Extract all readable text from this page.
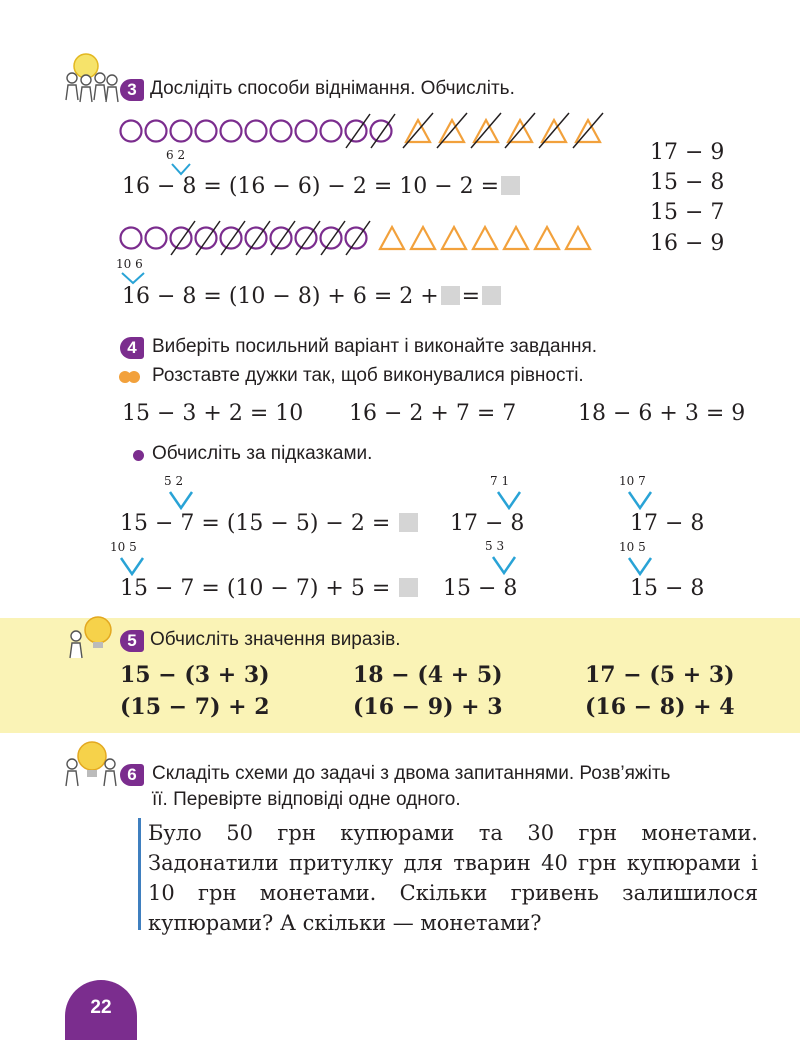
3 Дослідіть способи віднімання. Обчисліть.
6 2
16 − 8 = (16 − 6) − 2 = 10 − 2 =
17 − 9
15 − 8
15 − 7
16 − 9
10 6
16 − 8 = (10 − 8) + 6 = 2 + =
4 Виберіть посильний варіант і виконайте завдання.
Розставте дужки так, щоб виконувалися рівності.
15 − 3 + 2 = 10 16 − 2 + 7 = 7	18 − 6 + 3 = 9
Обчисліть за підказками.
5 2
15 − 7 = (15 − 5) − 2 =
7 1
17 − 8
10 7
17 − 8
10 5
15 − 7 = (10 − 7) + 5 =
5 3
15 − 8
10 5
15 − 8
5 Обчисліть значення виразів.
15 − (3 + 3)	18 − (4 + 5)	17 − (5 + 3)
(15 − 7) + 2	(16 − 9) + 3	(16 − 8) + 4
6 Складіть схеми до задачі з двома запитаннями. Розв’яжіть
її. Перевірте відповіді одне одного.
Було 50 грн купюрами та 30 грн монетами. Задонатили притулку для тварин 40 грн купюрами і 10 грн монетами. Скільки гривень залишилося купюрами? А скільки — монетами?
22
